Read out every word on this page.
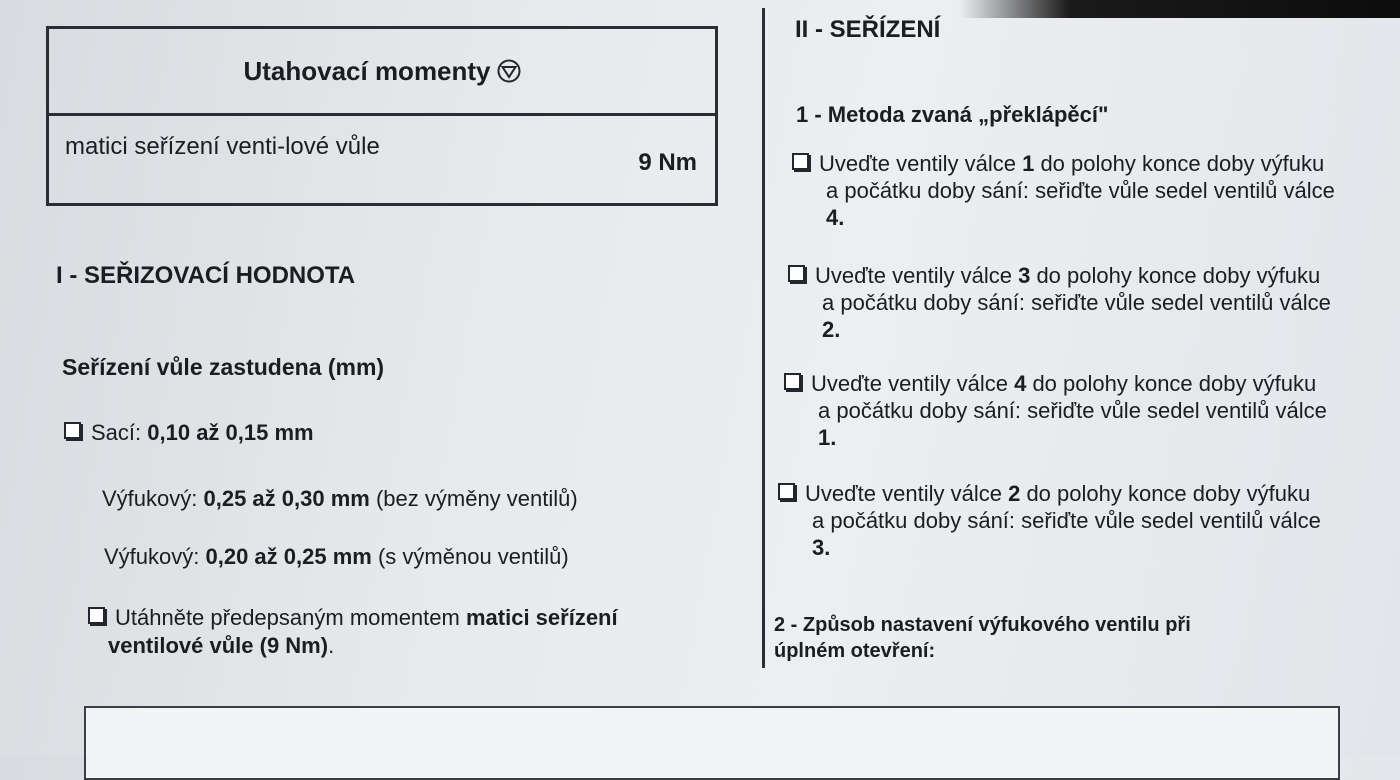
Utahovací momenty
matici seřízení venti-lové vůle
9 Nm
I - SEŘIZOVACÍ HODNOTA
Seřízení vůle zastudena (mm)
Sací: 0,10 až 0,15 mm
Výfukový: 0,25 až 0,30 mm (bez výměny ventilů)
Výfukový: 0,20 až 0,25 mm (s výměnou ventilů)
Utáhněte předepsaným momentem matici seřízení
ventilové vůle (9 Nm).
II - SEŘÍZENÍ
1 - Metoda zvaná „překlápěcí"
Uveďte ventily válce 1 do polohy konce doby výfuku
a počátku doby sání: seřiďte vůle sedel ventilů válce
4.
Uveďte ventily válce 3 do polohy konce doby výfuku
a počátku doby sání: seřiďte vůle sedel ventilů válce
2.
Uveďte ventily válce 4 do polohy konce doby výfuku
a počátku doby sání: seřiďte vůle sedel ventilů válce
1.
Uveďte ventily válce 2 do polohy konce doby výfuku
a počátku doby sání: seřiďte vůle sedel ventilů válce
3.
2 - Způsob nastavení výfukového ventilu při
úplném otevření:
